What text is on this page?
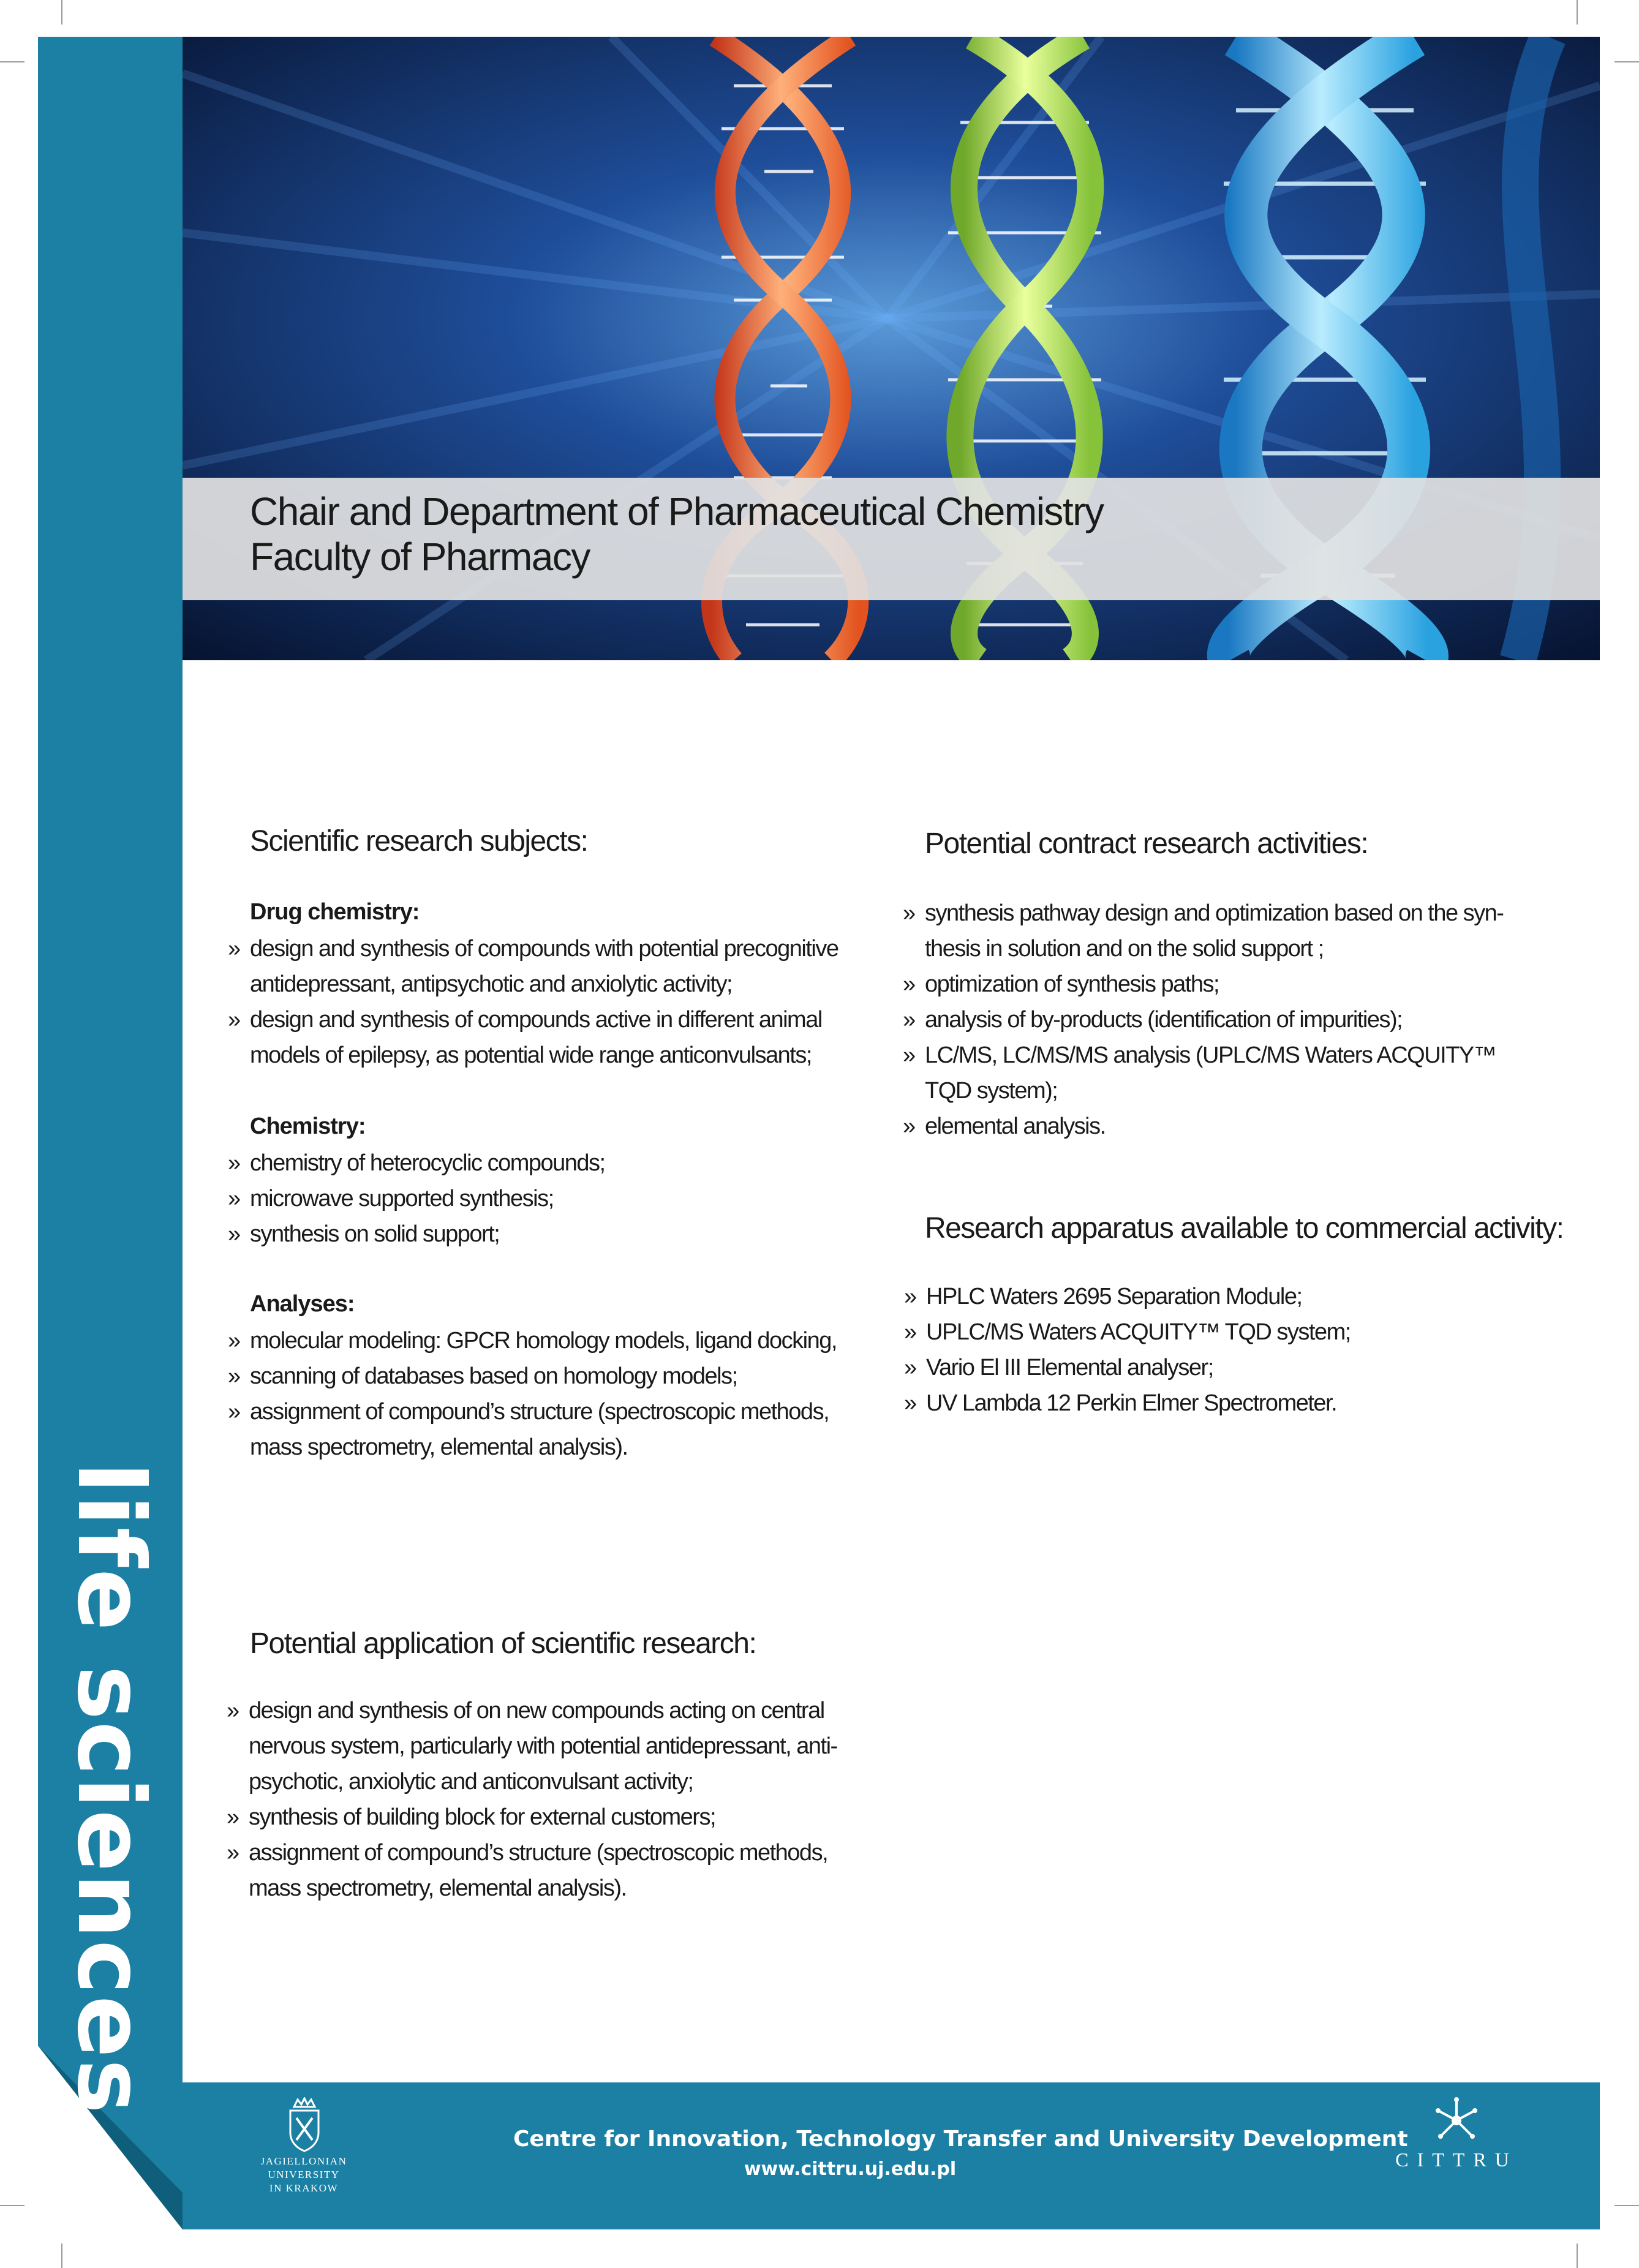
life sciences
Chair and Department of Pharmaceutical Chemistry
Faculty of Pharmacy
Scientific research subjects:
Drug chemistry:
» design and synthesis of compounds with potential precognitive
antidepressant, antipsychotic and anxiolytic activity;
» design and synthesis of compounds active in different animal
models of epilepsy, as potential wide range anticonvulsants;
Chemistry:
» chemistry of heterocyclic compounds;
» microwave supported synthesis;
» synthesis on solid support;
Analyses:
» molecular modeling: GPCR homology models, ligand docking,
» scanning of databases based on homology models;
» assignment of compound’s structure (spectroscopic methods,
mass spectrometry, elemental analysis).
Potential contract research activities:
» synthesis pathway design and optimization based on the syn-
thesis in solution and on the solid support ;
» optimization of synthesis paths;
» analysis of by-products (identification of impurities);
» LC/MS, LC/MS/MS analysis (UPLC/MS Waters ACQUITY™
TQD system);
» elemental analysis.
Research apparatus available to commercial activity:
» HPLC Waters 2695 Separation Module;
» UPLC/MS Waters ACQUITY™ TQD system;
» Vario El III Elemental analyser;
» UV Lambda 12 Perkin Elmer Spectrometer.
Potential application of scientific research:
» design and synthesis of on new compounds acting on central
nervous system, particularly with potential antidepressant, anti-
psychotic, anxiolytic and anticonvulsant activity;
» synthesis of building block for external customers;
» assignment of compound’s structure (spectroscopic methods,
mass spectrometry, elemental analysis).
JAGIELLONIAN UNIVERSITY
IN KRAKOW
Centre for Innovation, Technology Transfer and University Development
www.cittru.uj.edu.pl	CITTRU
